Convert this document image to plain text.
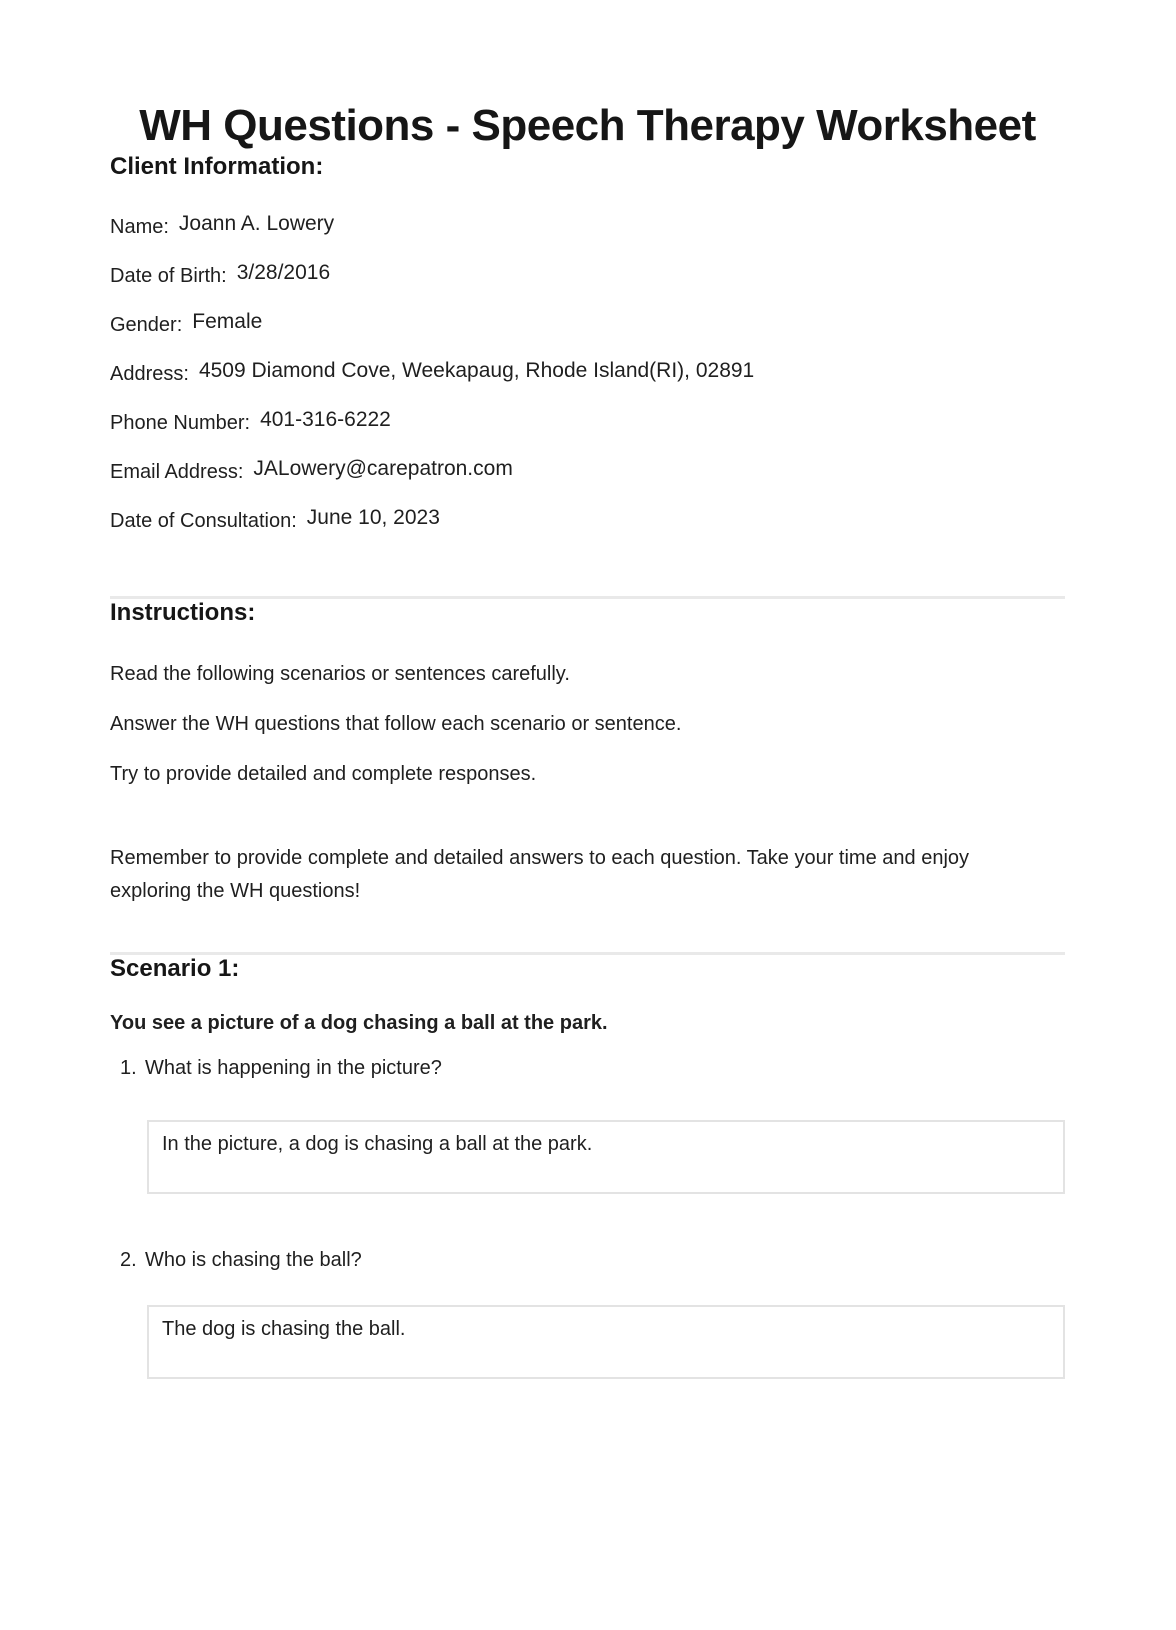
WH Questions - Speech Therapy Worksheet
Client Information:
Name: Joann A. Lowery
Date of Birth: 3/28/2016
Gender: Female
Address: 4509 Diamond Cove, Weekapaug, Rhode Island(RI), 02891
Phone Number: 401-316-6222
Email Address: JALowery@carepatron.com
Date of Consultation: June 10, 2023
Instructions:

Read the following scenarios or sentences carefully.

Answer the WH questions that follow each scenario or sentence.

Try to provide detailed and complete responses.

Remember to provide complete and detailed answers to each question. Take your time and enjoy exploring the WH questions!

Scenario 1:

You see a picture of a dog chasing a ball at the park.

1. What is happening in the picture?
In the picture, a dog is chasing a ball at the park.
2. Who is chasing the ball?
The dog is chasing the ball.
